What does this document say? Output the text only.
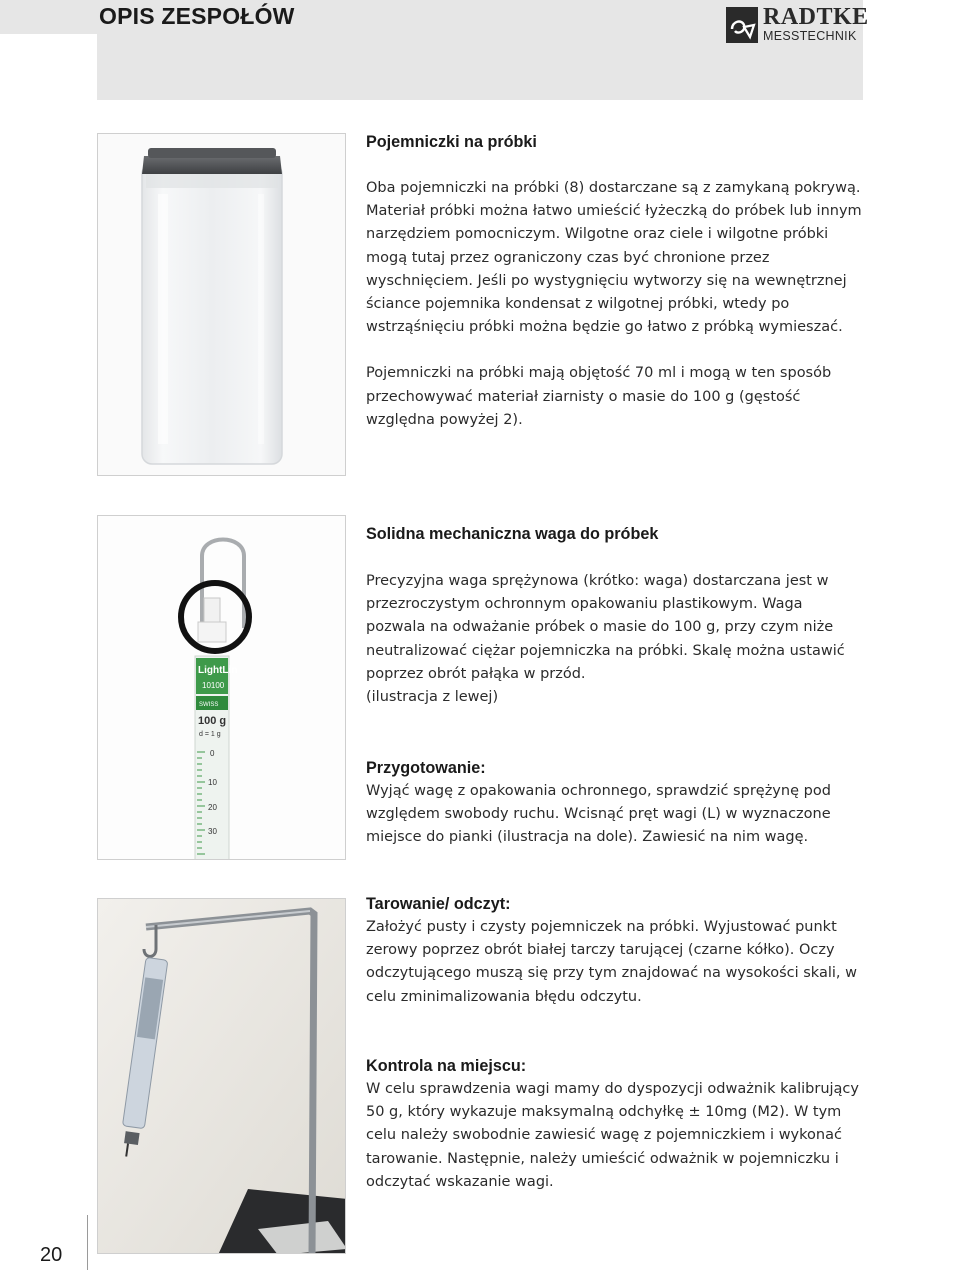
OPIS ZESPOŁÓW	RADTKE
MESSTECHNIK
Pojemniczki na próbki

Oba pojemniczki na próbki (8) dostarczane są z zamykaną pokrywą. Materiał próbki można łatwo umieścić łyżeczką do próbek lub innym narzędziem pomocniczym. Wilgotne oraz ciele i wilgotne próbki mogą tutaj przez ograniczony czas być chronione przez wyschnięciem. Jeśli po wystygnięciu wytworzy się na wewnętrznej ściance pojemnika kondensat z wilgotnej próbki, wtedy po wstrząśnięciu próbki można będzie go łatwo z próbką wymieszać.

Pojemniczki na próbki mają objętość 70 ml i mogą w ten sposób przechowywać materiał ziarnisty o masie do 100 g (gęstość względna powyżej 2).

LightLin
10100
SWISS
100 g
d = 1 g
0
10
20
30
Solidna mechaniczna waga do próbek

Precyzyjna waga sprężynowa (krótko: waga) dostarczana jest w przezroczystym ochronnym opakowaniu plastikowym. Waga pozwala na odważanie próbek o masie do 100 g, przy czym niże neutralizować ciężar pojemniczka na próbki. Skalę można ustawić poprzez obrót pałąka w przód.

(ilustracja z lewej)

Przygotowanie:

Wyjąć wagę z opakowania ochronnego, sprawdzić sprężynę pod względem swobody ruchu. Wcisnąć pręt wagi (L) w wyznaczone miejsce do pianki (ilustracja na dole). Zawiesić na nim wagę.

Tarowanie/ odczyt:

Założyć pusty i czysty pojemniczek na próbki. Wyjustować punkt zerowy poprzez obrót białej tarczy tarującej (czarne kółko). Oczy odczytującego muszą się przy tym znajdować na wysokości skali, w celu zminimalizowania błędu odczytu.

Kontrola na miejscu:

W celu sprawdzenia wagi mamy do dyspozycji odważnik kalibrujący 50 g, który wykazuje maksymalną odchyłkę ± 10mg (M2). W tym celu należy swobodnie zawiesić wagę z pojemniczkiem i wykonać tarowanie. Następnie, należy umieścić odważnik w pojemniczku i odczytać wskazanie wagi.

20
